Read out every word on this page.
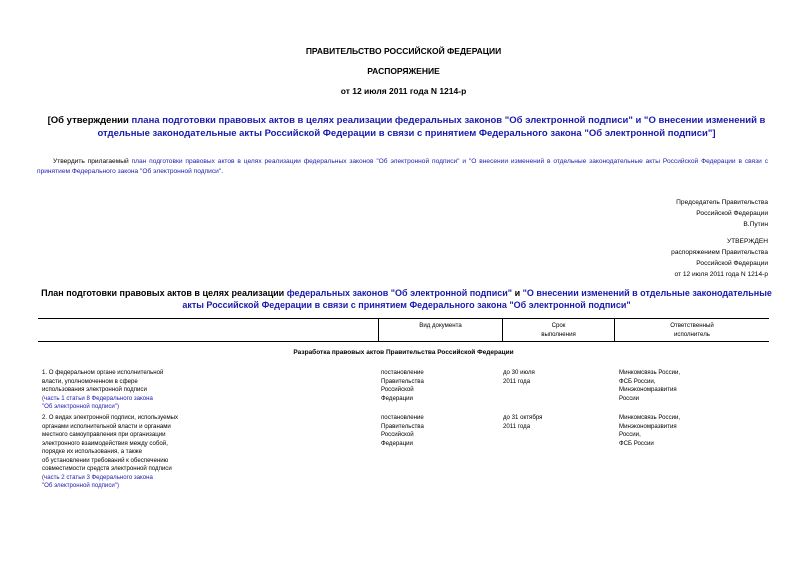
ПРАВИТЕЛЬСТВО РОССИЙСКОЙ ФЕДЕРАЦИИ
РАСПОРЯЖЕНИЕ
от 12 июля 2011 года N 1214-р
[Об утверждении плана подготовки правовых актов в целях реализации федеральных законов "Об электронной подписи" и "О внесении изменений в отдельные законодательные акты Российской Федерации в связи с принятием Федерального закона "Об электронной подписи"]
Утвердить прилагаемый план подготовки правовых актов в целях реализации федеральных законов "Об электронной подписи" и "О внесении изменений в отдельные законодательные акты Российской Федерации в связи с принятием Федерального закона "Об электронной подписи".
Председатель Правительства
Российской Федерации
В.Путин
УТВЕРЖДЕН
распоряжением Правительства
Российской Федерации
от 12 июля 2011 года N 1214-р
План подготовки правовых актов в целях реализации федеральных законов "Об электронной подписи" и "О внесении изменений в отдельные законодательные акты Российской Федерации в связи с принятием Федерального закона "Об электронной подписи"
Вид документа	Срок
выполнения
Ответственный
исполнитель
Разработка правовых актов Правительства Российской Федерации
1. О федеральном органе исполнительной
власти, уполномоченном в сфере
использования электронной подписи
(часть 1 статьи 8 Федерального закона
"Об электронной подписи")
постановление
Правительства
Российской
Федерации
до 30 июля
2011 года
Минкомсвязь России,
ФСБ России,
Минэкономразвития
России
2. О видах электронной подписи, используемых
органами исполнительной власти и органами
местного самоуправления при организации
электронного взаимодействия между собой,
порядке их использования, а также
об установлении требований к обеспечению
совместимости средств электронной подписи
(часть 2 статьи 3 Федерального закона
"Об электронной подписи")
постановление
Правительства
Российской
Федерации
до 31 октября
2011 года
Минкомсвязь России,
Минэкономразвития
России,
ФСБ России
